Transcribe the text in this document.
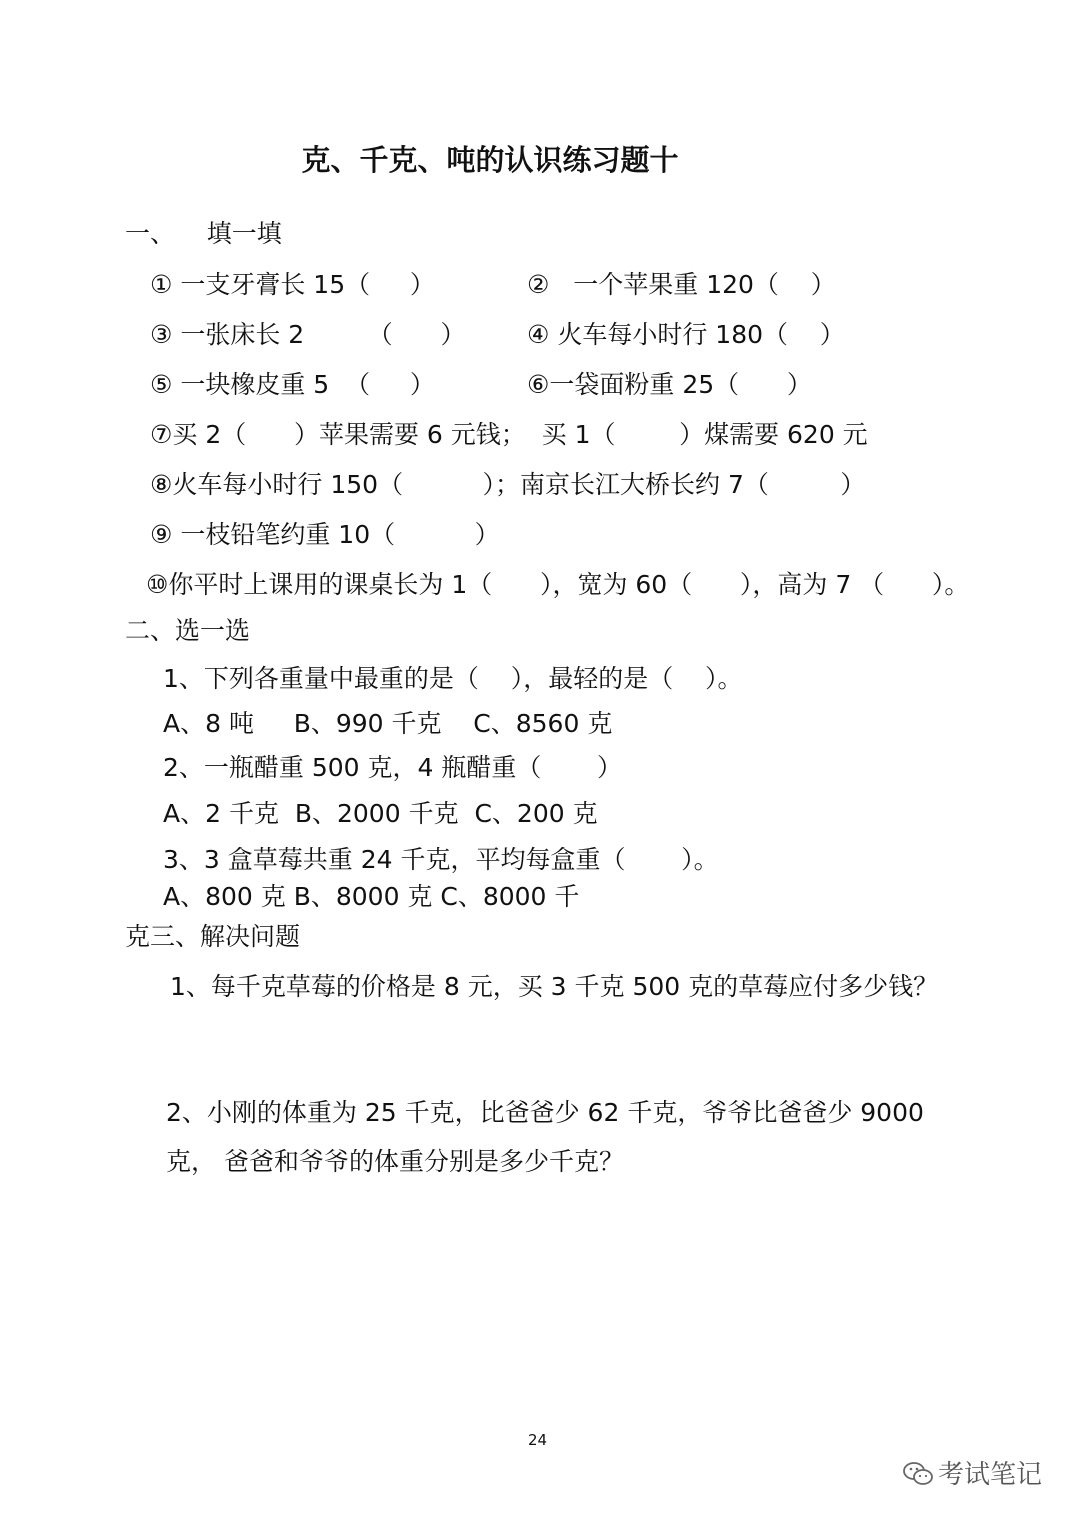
克、千克、吨的认识练习题十
一、    填一填
① 一支牙膏长 15（     ）	②   一个苹果重 120（    ）
③ 一张床长 2        （      ） ④ 火车每小时行 180（    ）
⑤ 一块橡皮重 5  （     ）	⑥一袋面粉重 25（      ）
⑦买 2（      ）苹果需要 6 元钱；  买 1（        ）煤需要 620 元
⑧火车每小时行 150（          ）；南京长江大桥长约 7（         ）
⑨ 一枝铅笔约重 10（          ）
⑩你平时上课用的课桌长为 1（      ），宽为 60（      ），高为 7 （      ）。
二、选一选
1、下列各重量中最重的是（    ），最轻的是（    ）。
A、8 吨     B、990 千克    C、8560 克
2、一瓶醋重 500 克，4 瓶醋重（       ）
A、2 千克  B、2000 千克  C、200 克
3、3 盒草莓共重 24 千克，平均每盒重（       ）。
A、800 克 B、8000 克 C、8000 千
克三、解决问题
1、每千克草莓的价格是 8 元，买 3 千克 500 克的草莓应付多少钱？
2、小刚的体重为 25 千克，比爸爸少 62 千克，爷爷比爸爸少 9000
克， 爸爸和爷爷的体重分别是多少千克？
24
考试笔记
